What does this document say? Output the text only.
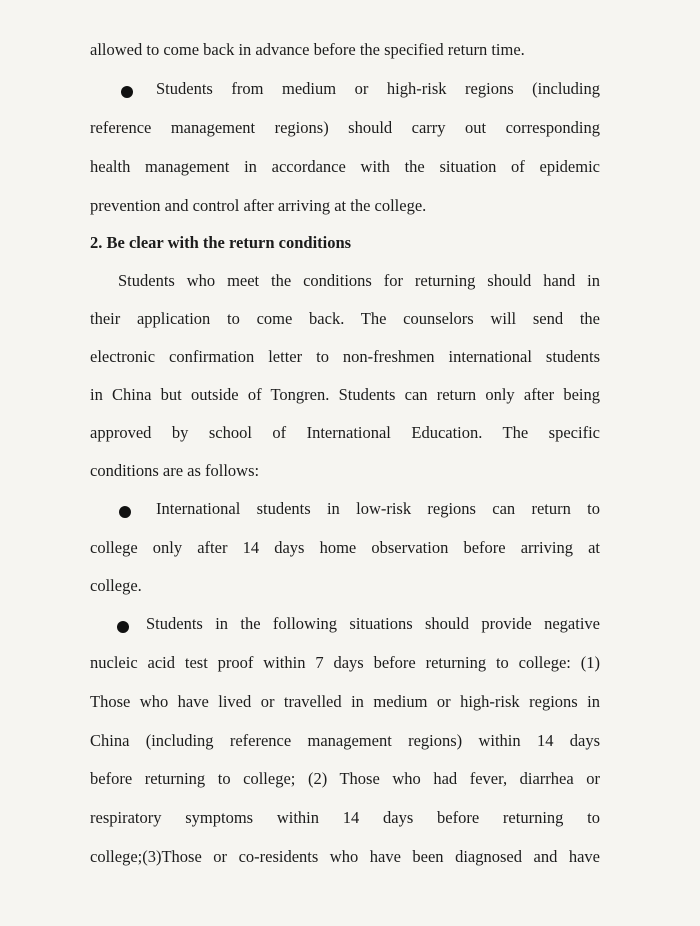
allowed to come back in advance before the specified return time.
Students from medium or high-risk regions (including
reference management regions) should carry out corresponding
health management in accordance with the situation of epidemic
prevention and control after arriving at the college.
2. Be clear with the return conditions
Students who meet the conditions for returning should hand in
their application to come back. The counselors will send the
electronic confirmation letter to non-freshmen international students
in China but outside of Tongren. Students can return only after being
approved by school of International Education. The specific
conditions are as follows:
International students in low-risk regions can return to
college only after 14 days home observation before arriving at
college.
Students in the following situations should provide negative
nucleic acid test proof within 7 days before returning to college: (1)
Those who have lived or travelled in medium or high-risk regions in
China (including reference management regions) within 14 days
before returning to college; (2) Those who had fever, diarrhea or
respiratory symptoms within 14 days before returning to
college;(3)Those or co-residents who have been diagnosed and have
